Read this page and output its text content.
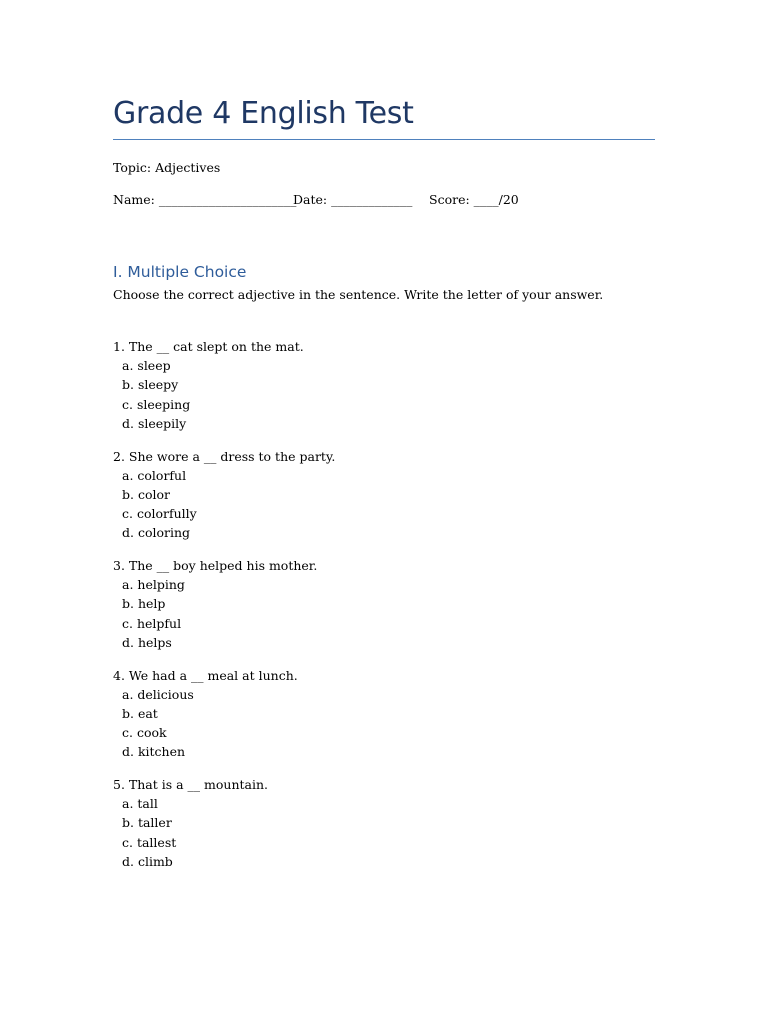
Grade 4 English Test
Topic: Adjectives
Name: ______________________
Date: _____________	Score: ____/20
I. Multiple Choice
Choose the correct adjective in the sentence. Write the letter of your answer.
1. The __ cat slept on the mat.
a. sleep
b. sleepy
c. sleeping
d. sleepily
2. She wore a __ dress to the party.
a. colorful
b. color
c. colorfully
d. coloring
3. The __ boy helped his mother.
a. helping
b. help
c. helpful
d. helps
4. We had a __ meal at lunch.
a. delicious
b. eat
c. cook
d. kitchen
5. That is a __ mountain.
a. tall
b. taller
c. tallest
d. climb
